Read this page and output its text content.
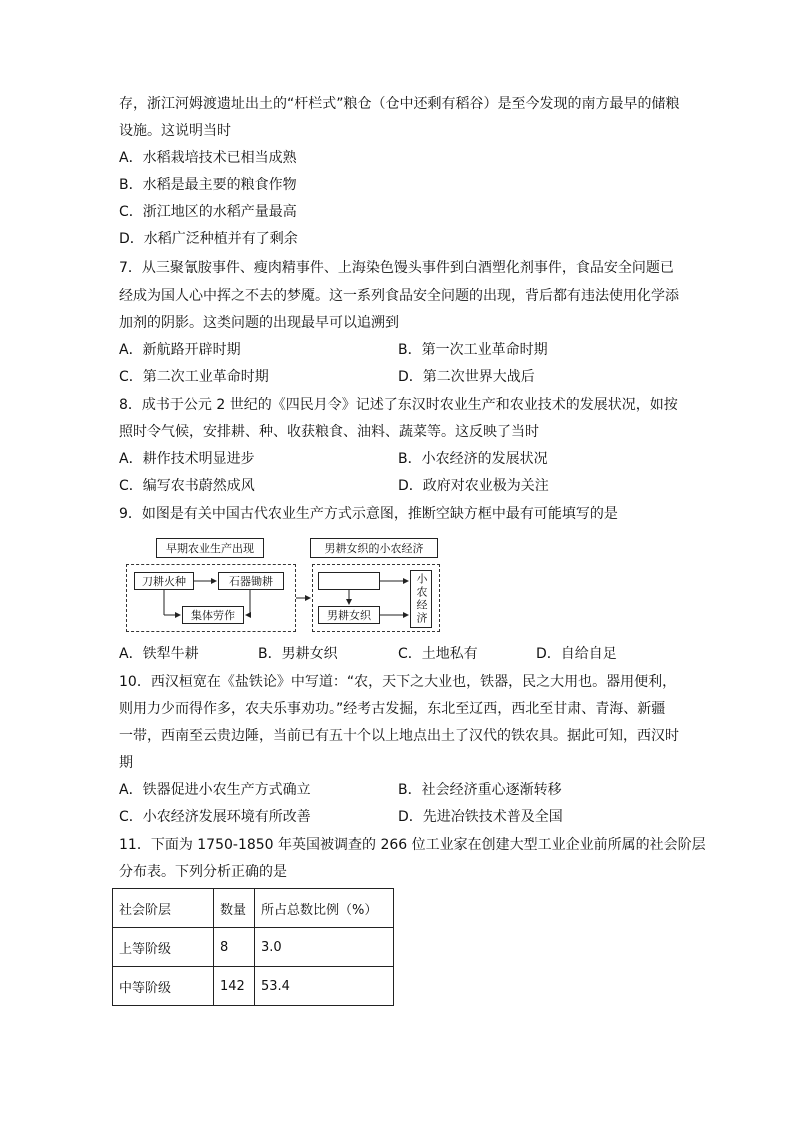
存，浙江河姆渡遗址出土的“杆栏式”粮仓（仓中还剩有稻谷）是至今发现的南方最早的储粮
设施。这说明当时
A．水稻栽培技术已相当成熟
B．水稻是最主要的粮食作物
C．浙江地区的水稻产量最高
D．水稻广泛种植并有了剩余
7．从三聚氰胺事件、瘦肉精事件、上海染色馒头事件到白酒塑化剂事件，食品安全问题已
经成为国人心中挥之不去的梦魇。这一系列食品安全问题的出现，背后都有违法使用化学添
加剂的阴影。这类问题的出现最早可以追溯到
A．新航路开辟时期	B．第一次工业革命时期
C．第二次工业革命时期	D．第二次世界大战后
8．成书于公元 2 世纪的《四民月令》记述了东汉时农业生产和农业技术的发展状况，如按
照时令气候，安排耕、种、收获粮食、油料、蔬菜等。这反映了当时
A．耕作技术明显进步	B．小农经济的发展状况
C．编写农书蔚然成风	D．政府对农业极为关注
9．如图是有关中国古代农业生产方式示意图，推断空缺方框中最有可能填写的是
早期农业生产出现
刀耕火种	石器锄耕
集体劳作
男耕女织的小农经济
男耕女织	小农经济
A．铁犁牛耕	B．男耕女织	C．土地私有	D．自给自足
10．西汉桓宽在《盐铁论》中写道：“农，天下之大业也，铁器，民之大用也。器用便利，
则用力少而得作多，农夫乐事劝功。”经考古发掘，东北至辽西，西北至甘肃、青海、新疆
一带，西南至云贵边陲，当前已有五十个以上地点出土了汉代的铁农具。据此可知，西汉时
期
A．铁器促进小农生产方式确立	B．社会经济重心逐渐转移
C．小农经济发展环境有所改善	D．先进冶铁技术普及全国
11．下面为 1750-1850 年英国被调查的 266 位工业家在创建大型工业企业前所属的社会阶层
分布表。下列分析正确的是
社会阶层	数量	所占总数比例（%）
上等阶级	8	3.0
中等阶级	142	53.4
